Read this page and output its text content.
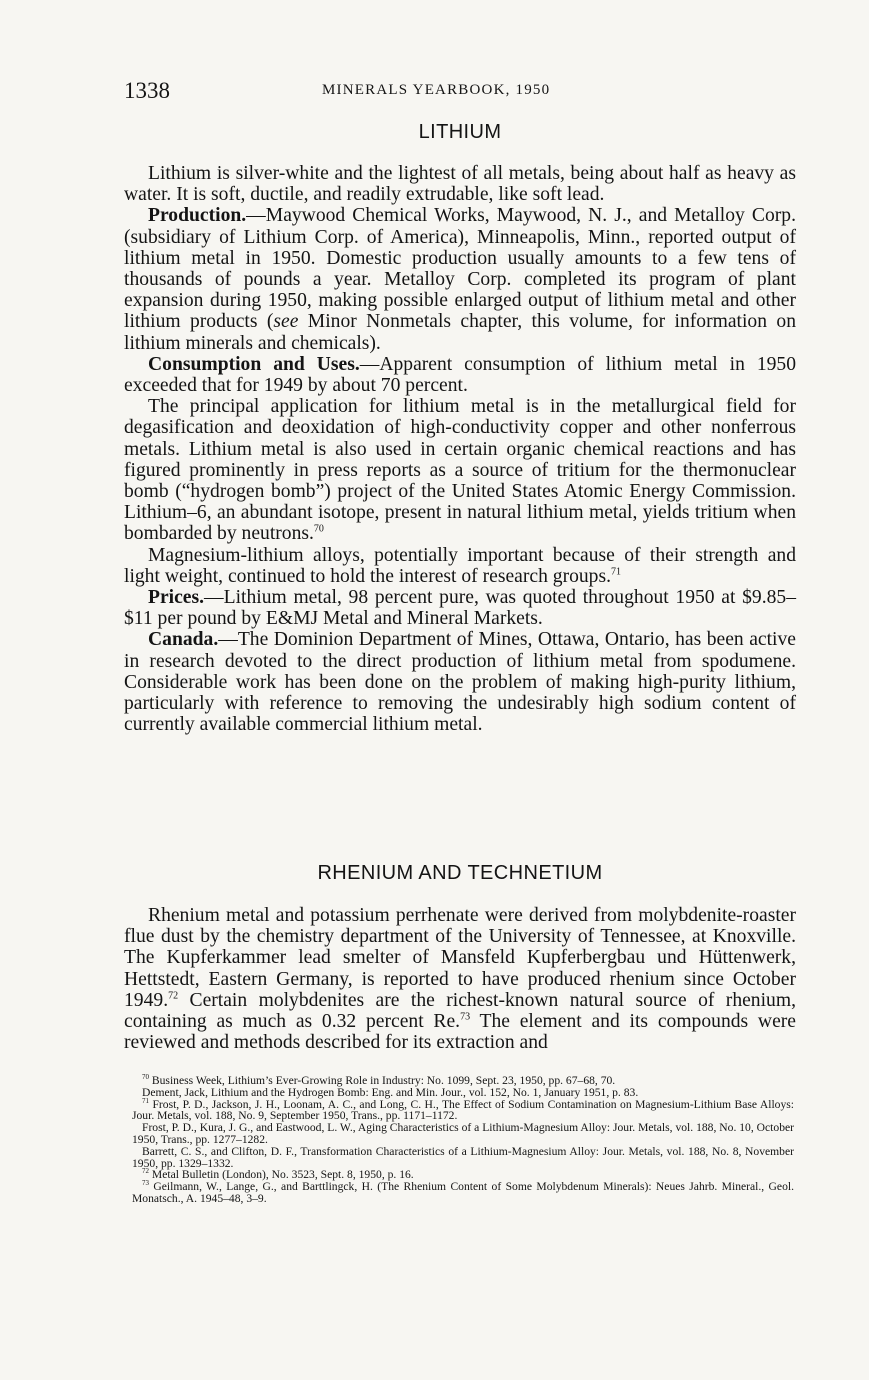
1338	MINERALS YEARBOOK, 1950
LITHIUM

Lithium is silver-white and the lightest of all metals, being about half as heavy as water. It is soft, ductile, and readily extrudable, like soft lead.

Production.—Maywood Chemical Works, Maywood, N. J., and Metalloy Corp. (subsidiary of Lithium Corp. of America), Minneapolis, Minn., reported output of lithium metal in 1950. Domestic production usually amounts to a few tens of thousands of pounds a year. Metalloy Corp. completed its program of plant expansion during 1950, making possible enlarged output of lithium metal and other lithium products (see Minor Nonmetals chapter, this volume, for information on lithium minerals and chemicals).

Consumption and Uses.—Apparent consumption of lithium metal in 1950 exceeded that for 1949 by about 70 percent.

The principal application for lithium metal is in the metallurgical field for degasification and deoxidation of high-conductivity copper and other nonferrous metals. Lithium metal is also used in certain organic chemical reactions and has figured prominently in press reports as a source of tritium for the thermonuclear bomb (“hydrogen bomb”) project of the United States Atomic Energy Commission. Lithium–6, an abundant isotope, present in natural lithium metal, yields tritium when bombarded by neutrons.$^{70}$

Magnesium-lithium alloys, potentially important because of their strength and light weight, continued to hold the interest of research groups.$^{71}$

Prices.—Lithium metal, 98 percent pure, was quoted throughout 1950 at $9.85–$11 per pound by E&MJ Metal and Mineral Markets.

Canada.—The Dominion Department of Mines, Ottawa, Ontario, has been active in research devoted to the direct production of lithium metal from spodumene. Considerable work has been done on the problem of making high-purity lithium, particularly with reference to removing the undesirably high sodium content of currently available commercial lithium metal.

RHENIUM AND TECHNETIUM

Rhenium metal and potassium perrhenate were derived from molybdenite-roaster flue dust by the chemistry department of the University of Tennessee, at Knoxville. The Kupferkammer lead smelter of Mansfeld Kupferbergbau und Hüttenwerk, Hettstedt, Eastern Germany, is reported to have produced rhenium since October 1949.72 Certain molybdenites are the richest-known natural source of rhenium, containing as much as 0.32 percent Re.$^{73}$ The element and its compounds were reviewed and methods described for its extraction and

$^{70}$ Business Week, Lithium’s Ever-Growing Role in Industry: No. 1099, Sept. 23, 1950, pp. 67–68, 70.

Dement, Jack, Lithium and the Hydrogen Bomb: Eng. and Min. Jour., vol. 152, No. 1, January 1951, p. 83.

$^{71}$ Frost, P. D., Jackson, J. H., Loonam, A. C., and Long, C. H., The Effect of Sodium Contamination on Magnesium-Lithium Base Alloys: Jour. Metals, vol. 188, No. 9, September 1950, Trans., pp. 1171–1172.

Frost, P. D., Kura, J. G., and Eastwood, L. W., Aging Characteristics of a Lithium-Magnesium Alloy: Jour. Metals, vol. 188, No. 10, October 1950, Trans., pp. 1277–1282.

Barrett, C. S., and Clifton, D. F., Transformation Characteristics of a Lithium-Magnesium Alloy: Jour. Metals, vol. 188, No. 8, November 1950, pp. 1329–1332.

$^{72}$ Metal Bulletin (London), No. 3523, Sept. 8, 1950, p. 16.

$^{73}$ Geilmann, W., Lange, G., and Barttlingck, H. (The Rhenium Content of Some Molybdenum Minerals): Neues Jahrb. Mineral., Geol. Monatsch., A. 1945–48, 3–9.
